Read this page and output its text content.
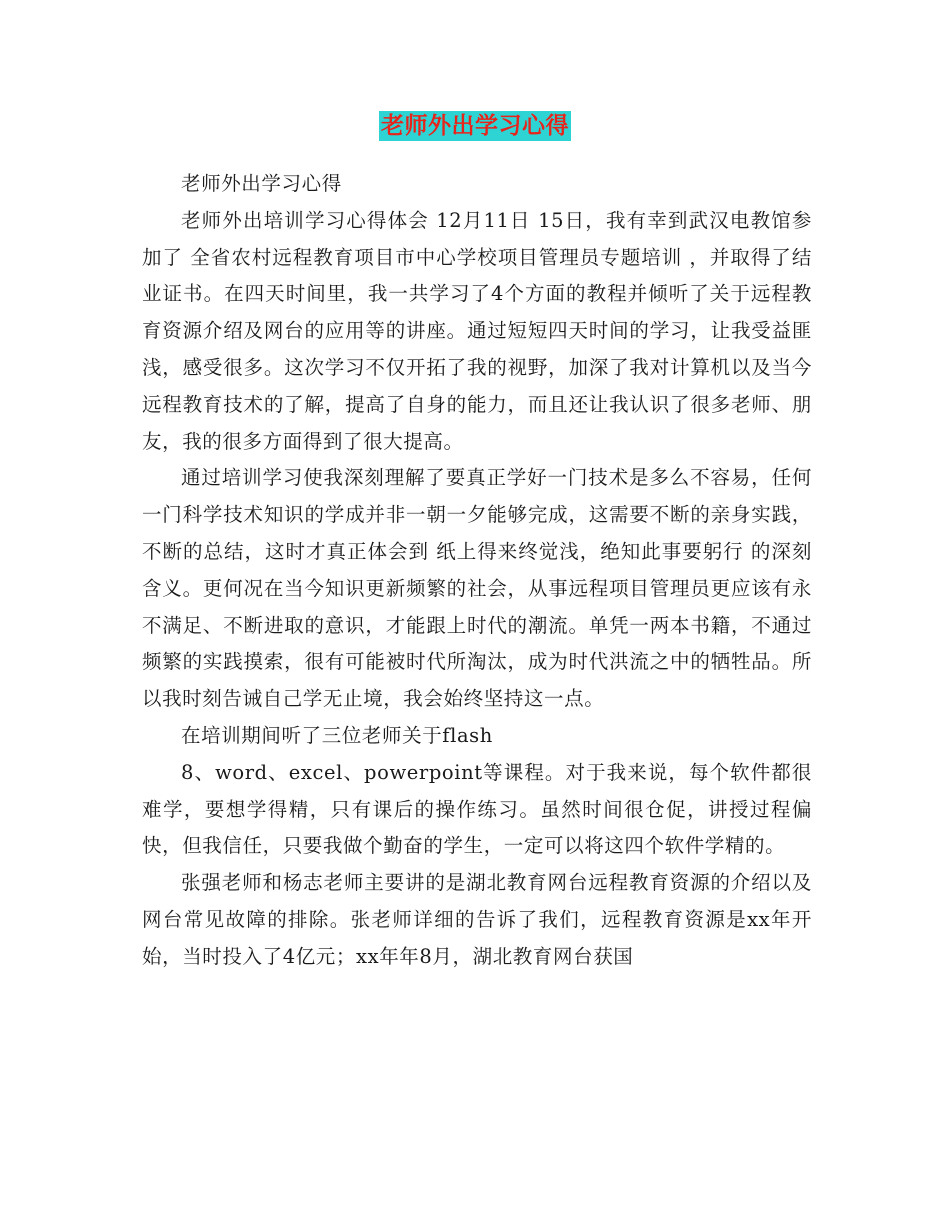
老师外出学习心得

老师外出学习心得

老师外出培训学习心得体会 12月11日 15日，我有幸到武汉电教馆参加了 全省农村远程教育项目市中心学校项目管理员专题培训 ，并取得了结业证书。在四天时间里，我一共学习了4个方面的教程并倾听了关于远程教育资源介绍及网台的应用等的讲座。通过短短四天时间的学习，让我受益匪浅，感受很多。这次学习不仅开拓了我的视野，加深了我对计算机以及当今远程教育技术的了解，提高了自身的能力，而且还让我认识了很多老师、朋友，我的很多方面得到了很大提高。

通过培训学习使我深刻理解了要真正学好一门技术是多么不容易，任何一门科学技术知识的学成并非一朝一夕能够完成，这需要不断的亲身实践，不断的总结，这时才真正体会到 纸上得来终觉浅，绝知此事要躬行 的深刻含义。更何况在当今知识更新频繁的社会，从事远程项目管理员更应该有永不满足、不断进取的意识，才能跟上时代的潮流。单凭一两本书籍，不通过频繁的实践摸索，很有可能被时代所淘汰，成为时代洪流之中的牺牲品。所以我时刻告诫自己学无止境，我会始终坚持这一点。

在培训期间听了三位老师关于flash

8、word、excel、powerpoint等课程。对于我来说，每个软件都很难学，要想学得精，只有课后的操作练习。虽然时间很仓促，讲授过程偏快，但我信任，只要我做个勤奋的学生，一定可以将这四个软件学精的。

张强老师和杨志老师主要讲的是湖北教育网台远程教育资源的介绍以及网台常见故障的排除。张老师详细的告诉了我们，远程教育资源是xx年开始，当时投入了4亿元；xx年年8月，湖北教育网台获国
